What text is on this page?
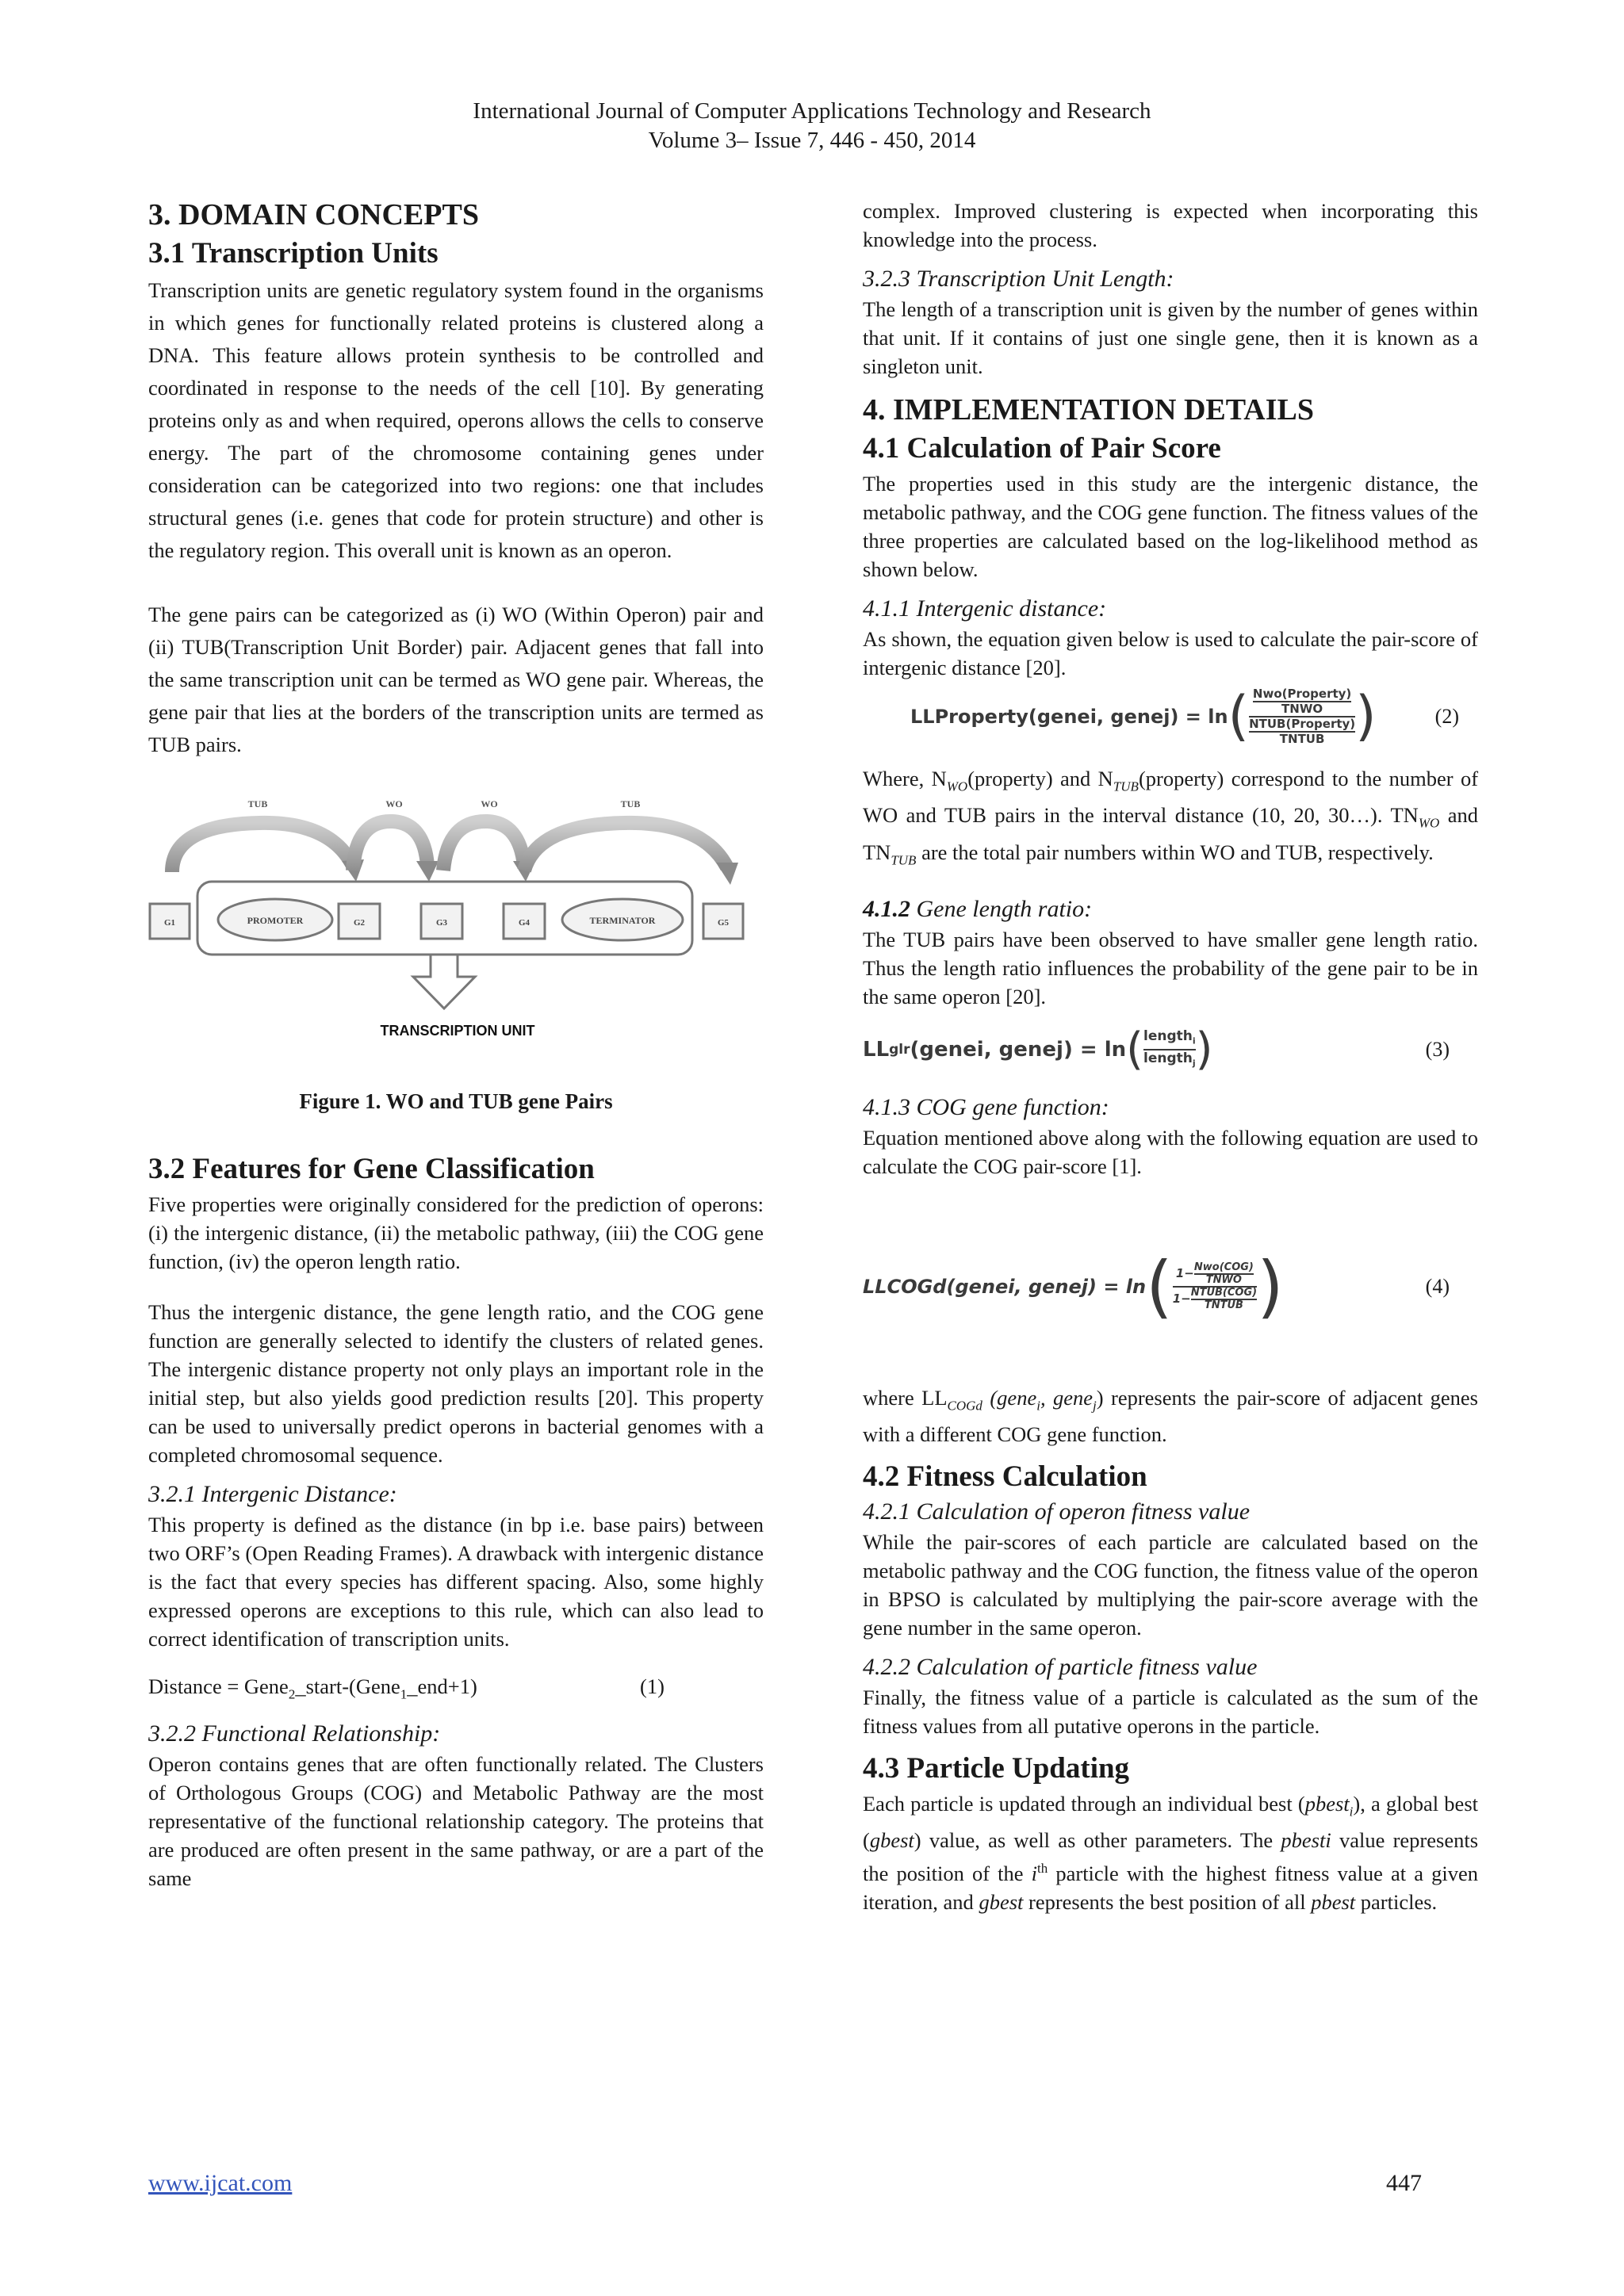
International Journal of Computer Applications Technology and Research
Volume 3– Issue 7, 446 - 450, 2014
3. DOMAIN CONCEPTS
3.1 Transcription Units

Transcription units are genetic regulatory system found in the organisms in which genes for functionally related proteins is clustered along a DNA. This feature allows protein synthesis to be controlled and coordinated in response to the needs of the cell [10]. By generating proteins only as and when required, operons allows the cells to conserve energy. The part of the chromosome containing genes under consideration can be categorized into two regions: one that includes structural genes (i.e. genes that code for protein structure) and other is the regulatory region. This overall unit is known as an operon.

The gene pairs can be categorized as (i) WO (Within Operon) pair and (ii) TUB(Transcription Unit Border) pair. Adjacent genes that fall into the same transcription unit can be termed as WO gene pair. Whereas, the gene pair that lies at the borders of the transcription units are termed as TUB pairs.

TUB	WO	WO	TUB
G1	PROMOTER	G2	G3	G4	TERMINATOR	G5
TRANSCRIPTION UNIT
Figure 1. WO and TUB gene Pairs
3.2 Features for Gene Classification

Five properties were originally considered for the prediction of operons: (i) the intergenic distance, (ii) the metabolic pathway, (iii) the COG gene function, (iv) the operon length ratio.

Thus the intergenic distance, the gene length ratio, and the COG gene function are generally selected to identify the clusters of related genes. The intergenic distance property not only plays an important role in the initial step, but also yields good prediction results [20]. This property can be used to universally predict operons in bacterial genomes with a completed chromosomal sequence.

3.2.1 Intergenic Distance:

This property is defined as the distance (in bp i.e. base pairs) between two ORF’s (Open Reading Frames). A drawback with intergenic distance is the fact that every species has different spacing. Also, some highly expressed operons are exceptions to this rule, which can also lead to correct identification of transcription units.

Distance = Gene$_2$_start-(Gene$_1$_end+1)	(1)

3.2.2 Functional Relationship:

Operon contains genes that are often functionally related. The Clusters of Orthologous Groups (COG) and Metabolic Pathway are the most representative of the functional relationship category. The proteins that are produced are often present in the same pathway, or are a part of the same

complex. Improved clustering is expected when incorporating this knowledge into the process.

3.2.3 Transcription Unit Length:

The length of a transcription unit is given by the number of genes within that unit. If it contains of just one single gene, then it is known as a singleton unit.

4. IMPLEMENTATION DETAILS
4.1 Calculation of Pair Score

The properties used in this study are the intergenic distance, the metabolic pathway, and the COG gene function. The fitness values of the three properties are calculated based on the log-likelihood method as shown below.

4.1.1 Intergenic distance:

As shown, the equation given below is used to calculate the pair-score of intergenic distance [20].

LLProperty(genei, genej) = ln ( $\frac{\frac{\text{Nwo(Property)}}{\text{TNWO}}}{\frac{\text{NTUB(Property)}}{\text{TNTUB}}}$ )	(2)

Where, $N_{WO}(property)$ and $N_{TUB}(property)$ correspond to the number of WO and TUB pairs in the interval distance (10, 20, 30…). $TN_{WO}$ and $TN_{TUB}$ are the total pair numbers within WO and TUB, respectively.

4.1.2 Gene length ratio:

The TUB pairs have been observed to have smaller gene length ratio. Thus the length ratio influences the probability of the gene pair to be in the same operon [20].

LL glr (genei, genej) = ln ( $\frac{length_i}{length_j}$ )	(3)
4.1.3 COG gene function:

Equation mentioned above along with the following equation are used to calculate the COG pair-score [1].

LLCOGd(genei, genej) = ln ( $\frac{1- \frac{\text{Nwo(COG)}}{\text{TNWO}}}{1- \frac{\text{NTUB(COG)}}{\text{TNTUB}}}$ )	(4)

where $LL_{COGd}$ (gene$_i$, gene$_j$) represents the pair-score of adjacent genes with a different COG gene function.

4.2 Fitness Calculation
4.2.1 Calculation of operon fitness value

While the pair-scores of each particle are calculated based on the metabolic pathway and the COG function, the fitness value of the operon in BPSO is calculated by multiplying the pair-score average with the gene number in the same operon.

4.2.2 Calculation of particle fitness value

Finally, the fitness value of a particle is calculated as the sum of the fitness values from all putative operons in the particle.

4.3 Particle Updating

Each particle is updated through an individual best (pbest$_i$), a global best (gbest) value, as well as other parameters. The pbesti value represents the position of the $i^{th}$ particle with the highest fitness value at a given iteration, and gbest represents the best position of all pbest particles.

www.ijcat.com	447
